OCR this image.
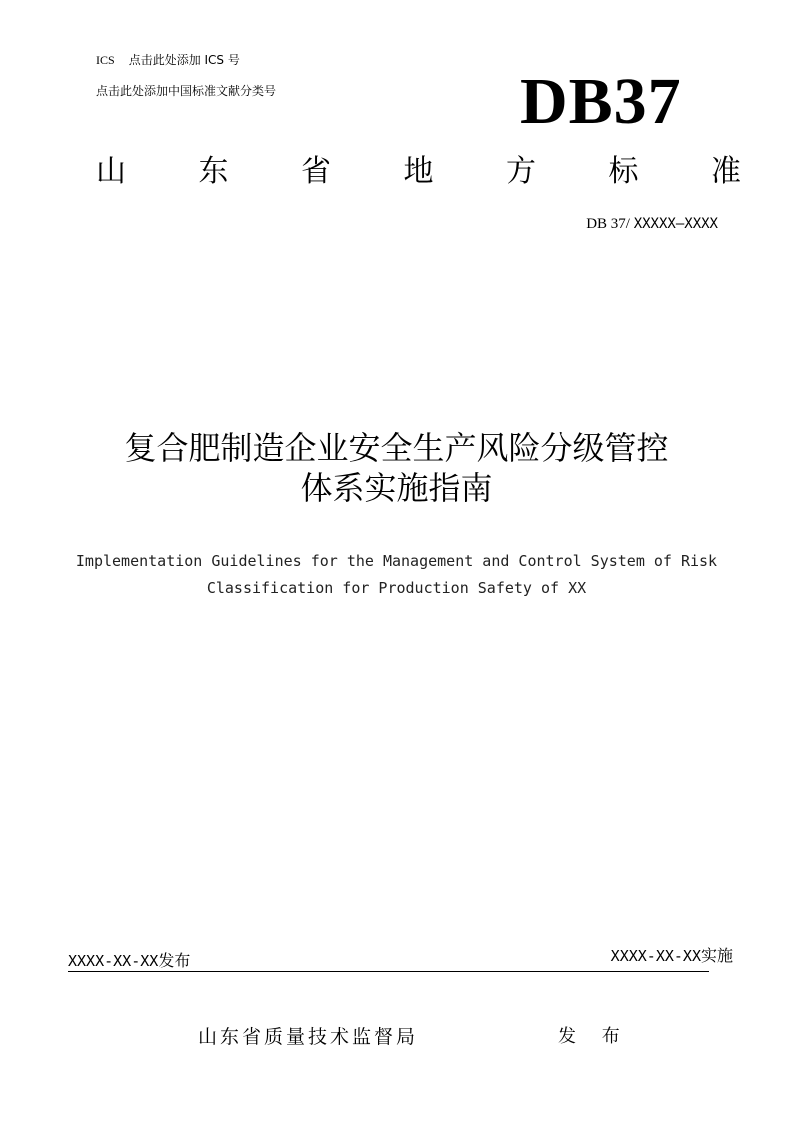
ICS 点击此处添加 ICS 号
点击此处添加中国标准文献分类号	DB37
山 东 省 地 方 标 准
DB 37/ XXXXX—XXXX
复合肥制造企业安全生产风险分级管控
体系实施指南
Implementation Guidelines for the Management and Control System of Risk
Classification for Production Safety of XX
XXXX-XX-XX发布	XXXX-XX-XX实施
山东省质量技术监督局	发 布
